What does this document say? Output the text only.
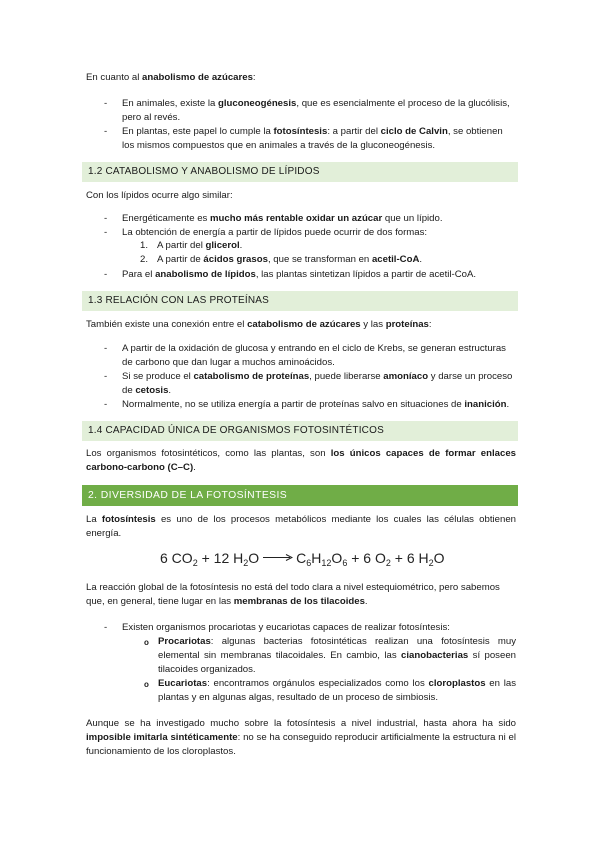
En cuanto al anabolismo de azúcares:

- En animales, existe la gluconeogénesis, que es esencialmente el proceso de la glucólisis,
pero al revés.

- En plantas, este papel lo cumple la fotosíntesis: a partir del ciclo de Calvin, se obtienen
los mismos compuestos que en animales a través de la gluconeogénesis.

1.2 CATABOLISMO Y ANABOLISMO DE LÍPIDOS

Con los lípidos ocurre algo similar:

- Energéticamente es mucho más rentable oxidar un azúcar que un lípido.

- La obtención de energía a partir de lípidos puede ocurrir de dos formas:

1. A partir del glicerol.

2. A partir de ácidos grasos, que se transforman en acetil-CoA.

- Para el anabolismo de lípidos, las plantas sintetizan lípidos a partir de acetil-CoA.

1.3 RELACIÓN CON LAS PROTEÍNAS

También existe una conexión entre el catabolismo de azúcares y las proteínas:

- A partir de la oxidación de glucosa y entrando en el ciclo de Krebs, se generan estructuras
de carbono que dan lugar a muchos aminoácidos.

- Si se produce el catabolismo de proteínas, puede liberarse amoníaco y darse un proceso
de cetosis.

- Normalmente, no se utiliza energía a partir de proteínas salvo en situaciones de inanición.

1.4 CAPACIDAD ÚNICA DE ORGANISMOS FOTOSINTÉTICOS

Los organismos fotosintéticos, como las plantas, son los únicos capaces de formar enlaces carbono-carbono (C–C).

2. DIVERSIDAD DE LA FOTOSÍNTESIS

La fotosíntesis es uno de los procesos metabólicos mediante los cuales las células obtienen energía.

6 $CO_2 + 12$ $H_2O \to C_6H_{12}O_6 + 6$ $O_2 + 6$ $H_2O$

La reacción global de la fotosíntesis no está del todo clara a nivel estequiométrico, pero sabemos
que, en general, tiene lugar en las membranas de los tilacoides.

- Existen organismos procariotas y eucariotas capaces de realizar fotosíntesis:

o Procariotas: algunas bacterias fotosintéticas realizan una fotosíntesis muy elemental sin membranas tilacoidales. En cambio, las cianobacterias sí poseen tilacoides organizados.

o Eucariotas: encontramos orgánulos especializados como los cloroplastos en las plantas y en algunas algas, resultado de un proceso de simbiosis.

Aunque se ha investigado mucho sobre la fotosíntesis a nivel industrial, hasta ahora ha sido imposible imitarla sintéticamente: no se ha conseguido reproducir artificialmente la estructura ni el funcionamiento de los cloroplastos.
